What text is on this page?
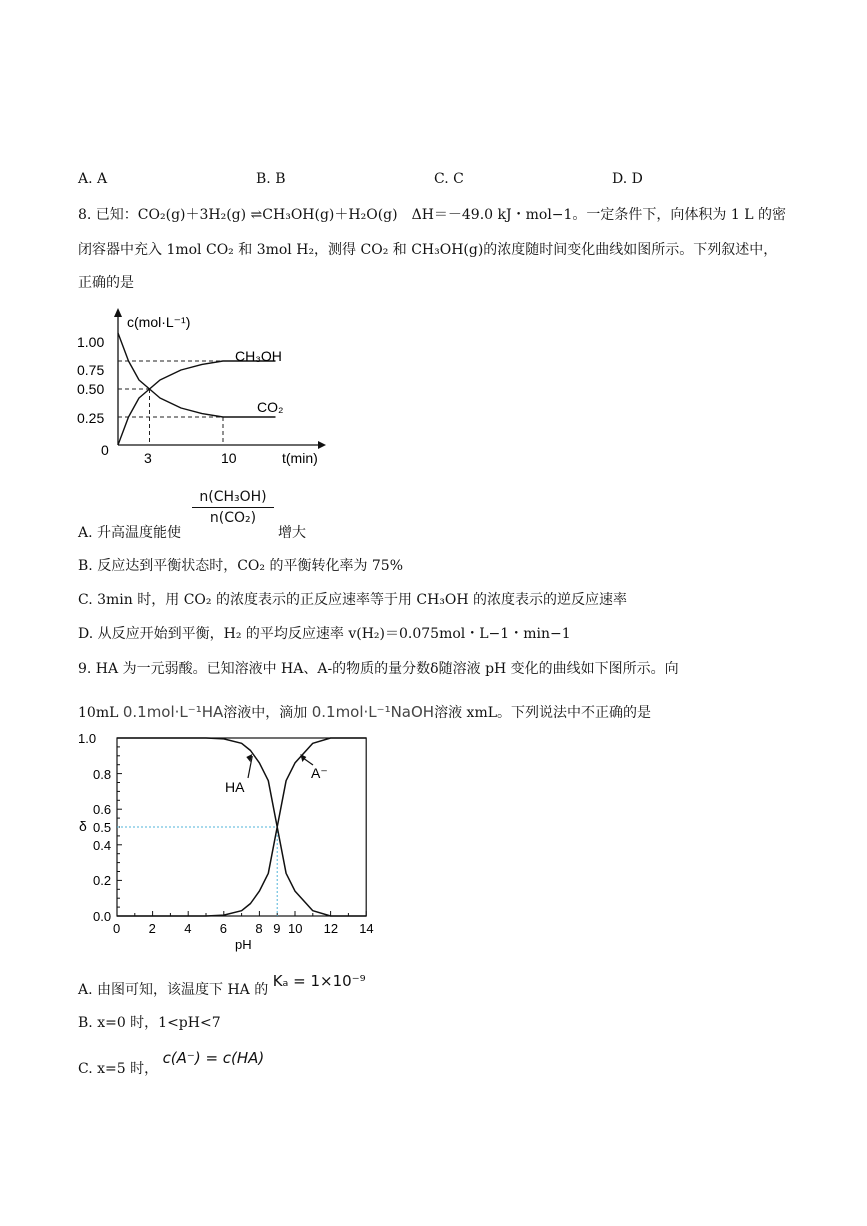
A. A	B. B	C. C	D. D
8. 已知：CO₂(g)＋3H₂(g) ⇌CH₃OH(g)＋H₂O(g)　ΔH＝－49.0 kJ・mol−1。一定条件下，向体积为 1 L 的密
闭容器中充入 1mol CO₂ 和 3mol H₂，测得 CO₂ 和 CH₃OH(g)的浓度随时间变化曲线如图所示。下列叙述中，
正确的是
c(mol·L⁻¹)
t(min)
0
1.00
0.75
0.50
0.25
3	10
CH₃OH
CO₂
A. 升高温度能使
n(CH₃OH)
n(CO₂)
增大
B. 反应达到平衡状态时，CO₂ 的平衡转化率为 75%
C. 3min 时，用 CO₂ 的浓度表示的正反应速率等于用 CH₃OH 的浓度表示的逆反应速率
D. 从反应开始到平衡，H₂ 的平均反应速率 v(H₂)＝0.075mol・L−1・min−1
9. HA 为一元弱酸。已知溶液中 HA、A-的物质的量分数δ随溶液 pH 变化的曲线如下图所示。向
10mL 0.1mol·L⁻¹HA溶液中，滴加 0.1mol·L⁻¹NaOH溶液 xmL。下列说法中不正确的是
1.0
0.8
0.6
0.5
0.4
0.2
0.0
δ
pH
0 2 4 6 8 9 10 12 14
HA
A⁻
A. 由图可知，该温度下 HA 的 Kₐ = 1×10⁻⁹
B. x=0 时，1<pH<7
C. x=5 时， c(A⁻) = c(HA)
